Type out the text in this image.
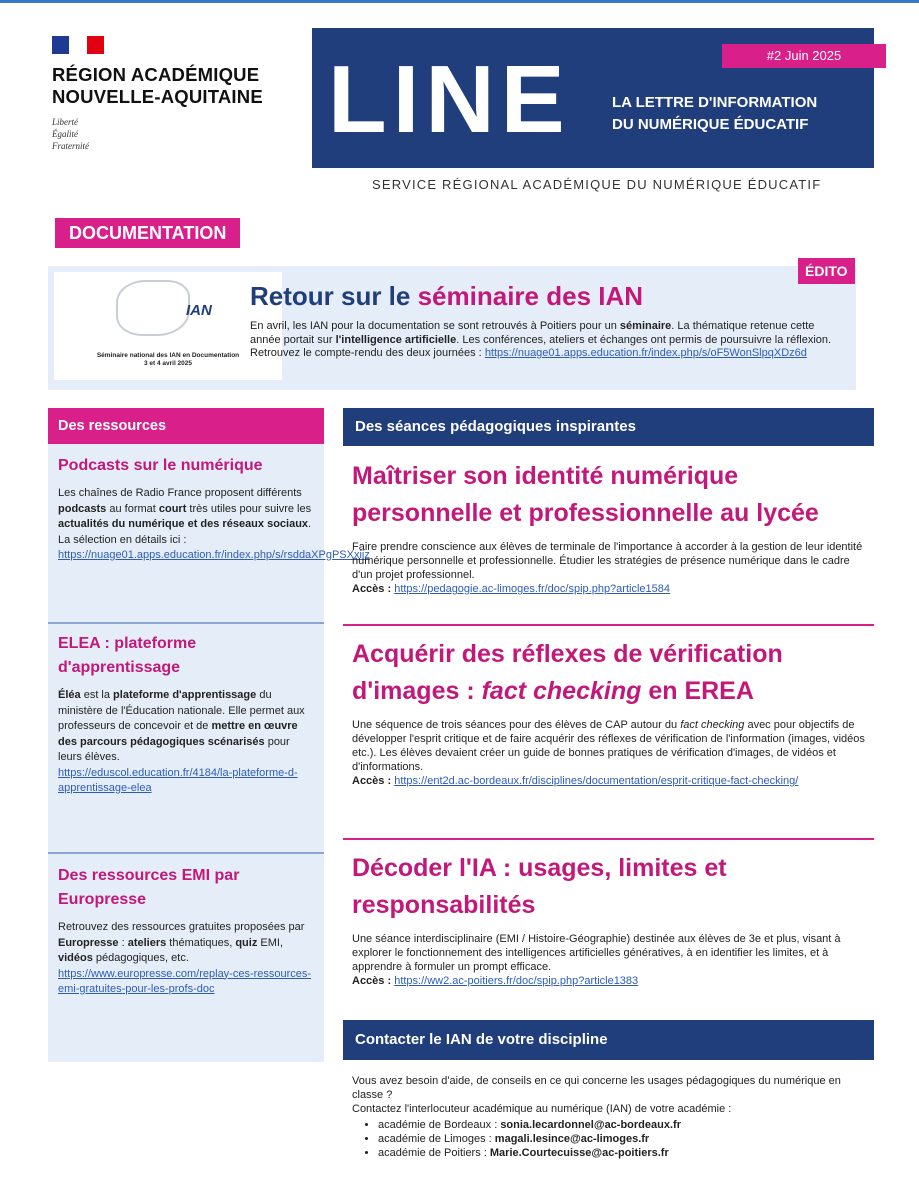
RÉGION ACADÉMIQUE
NOUVELLE-AQUITAINE
Liberté
Égalité
Fraternité	LINE	LA LETTRE D'INFORMATION
DU NUMÉRIQUE ÉDUCATIF
#2 Juin 2025
SERVICE RÉGIONAL ACADÉMIQUE DU NUMÉRIQUE ÉDUCATIF
DOCUMENTATION
IAN
Séminaire national des IAN en Documentation
3 et 4 avril 2025
ÉDITO
Retour sur le séminaire des IAN
En avril, les IAN pour la documentation se sont retrouvés à Poitiers pour un séminaire. La thématique retenue cette année portait sur l'intelligence artificielle. Les conférences, ateliers et échanges ont permis de poursuivre la réflexion. Retrouvez le compte-rendu des deux journées : https://nuage01.apps.education.fr/index.php/s/oF5WonSlpqXDz6d
Des ressources
Podcasts sur le numérique
Les chaînes de Radio France proposent différents podcasts au format court très utiles pour suivre les actualités du numérique et des réseaux sociaux. La sélection en détails ici :
https://nuage01.apps.education.fr/index.php/s/rsddaXPgPSXxiiz
ELEA : plateforme d'apprentissage
Éléa est la plateforme d'apprentissage du ministère de l'Éducation nationale. Elle permet aux professeurs de concevoir et de mettre en œuvre des parcours pédagogiques scénarisés pour leurs élèves.
https://eduscol.education.fr/4184/la-plateforme-d-apprentissage-elea
Des ressources EMI par Europresse
Retrouvez des ressources gratuites proposées par Europresse : ateliers thématiques, quiz EMI, vidéos pédagogiques, etc.
https://www.europresse.com/replay-ces-ressources-emi-gratuites-pour-les-profs-doc
Des séances pédagogiques inspirantes
Maîtriser son identité numérique personnelle et professionnelle au lycée
Faire prendre conscience aux élèves de terminale de l'importance à accorder à la gestion de leur identité numérique personnelle et professionnelle. Étudier les stratégies de présence numérique dans le cadre d'un projet professionnel.
Accès : https://pedagogie.ac-limoges.fr/doc/spip.php?article1584
Acquérir des réflexes de vérification d'images : fact checking en EREA
Une séquence de trois séances pour des élèves de CAP autour du fact checking avec pour objectifs de développer l'esprit critique et de faire acquérir des réflexes de vérification de l'information (images, vidéos etc.). Les élèves devaient créer un guide de bonnes pratiques de vérification d'images, de vidéos et d'informations.
Accès : https://ent2d.ac-bordeaux.fr/disciplines/documentation/esprit-critique-fact-checking/
Décoder l'IA : usages, limites et responsabilités
Une séance interdisciplinaire (EMI / Histoire-Géographie) destinée aux élèves de 3e et plus, visant à explorer le fonctionnement des intelligences artificielles génératives, à en identifier les limites, et à apprendre à formuler un prompt efficace.
Accès : https://ww2.ac-poitiers.fr/doc/spip.php?article1383
Contacter le IAN de votre discipline
Vous avez besoin d'aide, de conseils en ce qui concerne les usages pédagogiques du numérique en classe ?
Contactez l'interlocuteur académique au numérique (IAN) de votre académie :
• académie de Bordeaux : sonia.lecardonnel@ac-bordeaux.fr
• académie de Limoges : magali.lesince@ac-limoges.fr
• académie de Poitiers : Marie.Courtecuisse@ac-poitiers.fr
